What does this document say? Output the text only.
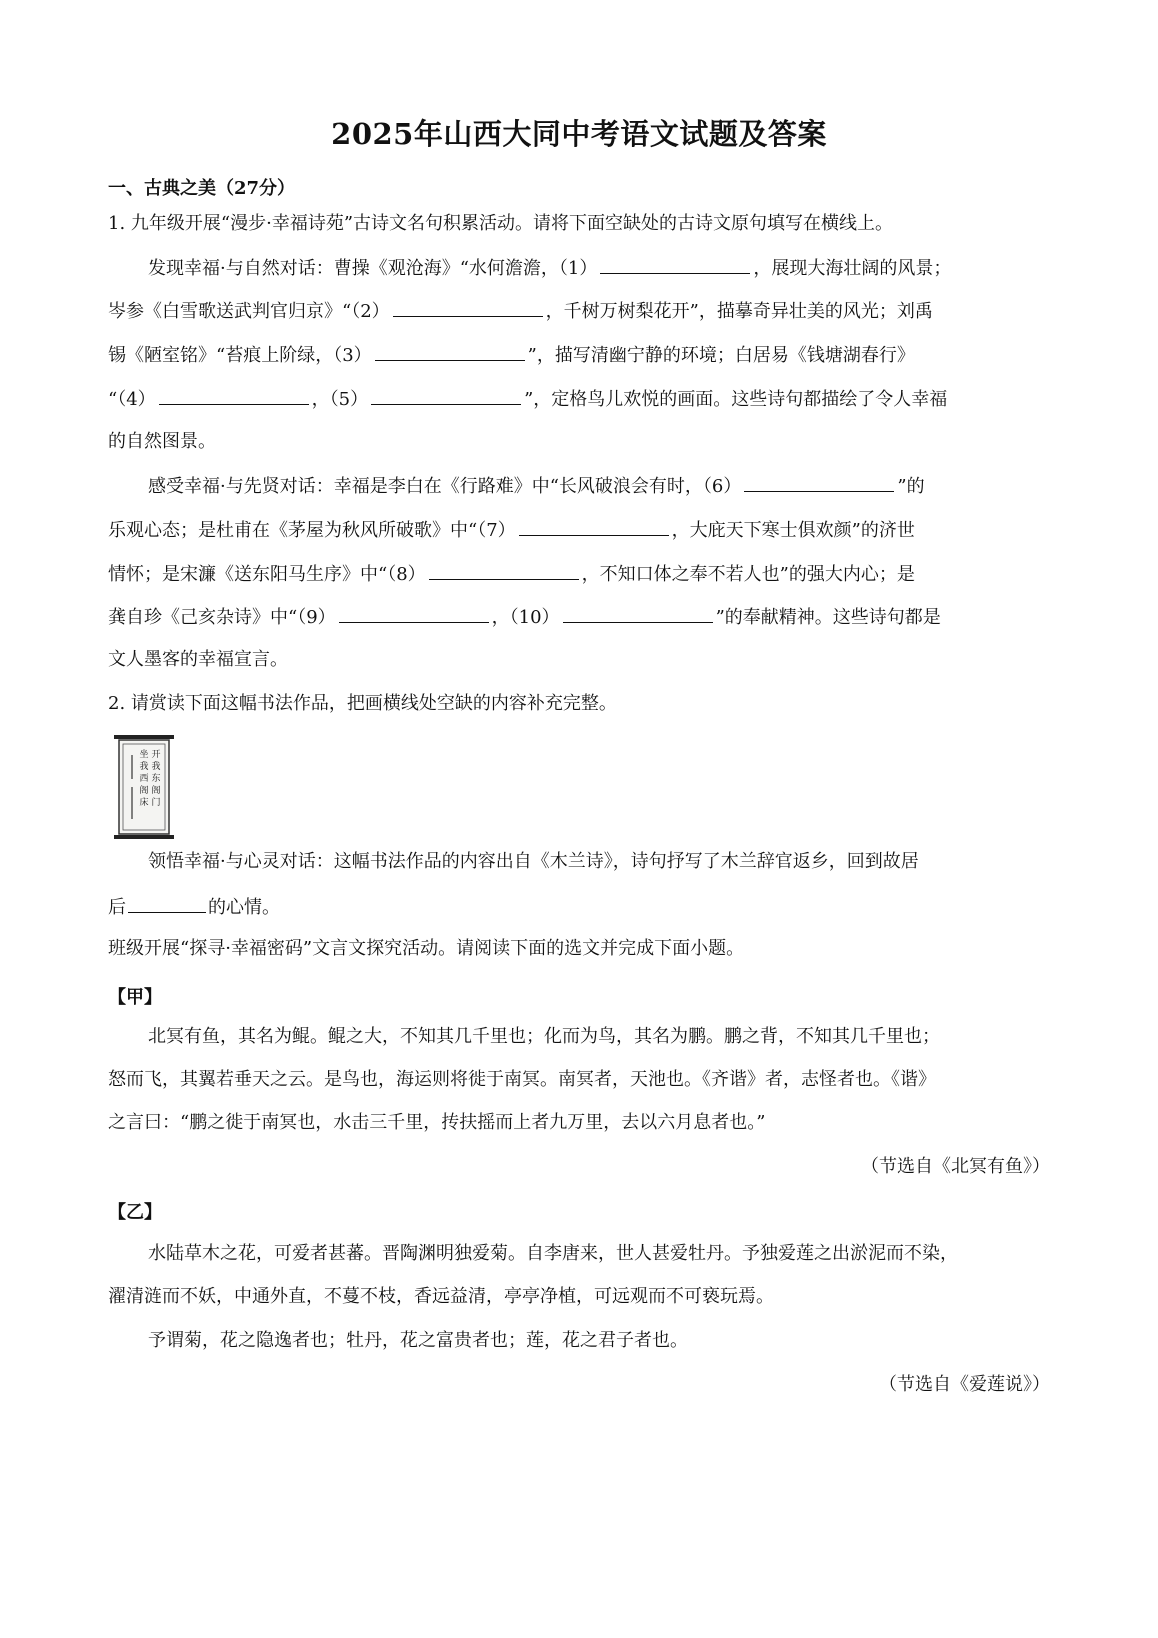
2025年山西大同中考语文试题及答案
一、古典之美（27分）
1. 九年级开展“漫步·幸福诗苑”古诗文名句积累活动。请将下面空缺处的古诗文原句填写在横线上。
发现幸福·与自然对话：曹操《观沧海》“水何澹澹，（1）	，展现大海壮阔的风景；
岑参《白雪歌送武判官归京》“（2）	，千树万树梨花开”，描摹奇异壮美的风光；刘禹
锡《陋室铭》“苔痕上阶绿，（3）	”，描写清幽宁静的环境；白居易《钱塘湖春行》
“（4）	，（5）	”，定格鸟儿欢悦的画面。这些诗句都描绘了令人幸福
的自然图景。
感受幸福·与先贤对话：幸福是李白在《行路难》中“长风破浪会有时，（6）	”的
乐观心态；是杜甫在《茅屋为秋风所破歌》中“（7）	，大庇天下寒士俱欢颜”的济世
情怀；是宋濂《送东阳马生序》中“（8）	，不知口体之奉不若人也”的强大内心；是
龚自珍《己亥杂诗》中“（9）	，（10）	”的奉献精神。这些诗句都是
文人墨客的幸福宣言。
2. 请赏读下面这幅书法作品，把画横线处空缺的内容补充完整。
开
我
东
阁
门
坐
我
西
阁
床
领悟幸福·与心灵对话：这幅书法作品的内容出自《木兰诗》，诗句抒写了木兰辞官返乡，回到故居
后	的心情。
班级开展“探寻·幸福密码”文言文探究活动。请阅读下面的选文并完成下面小题。
【甲】
北冥有鱼，其名为鲲。鲲之大，不知其几千里也；化而为鸟，其名为鹏。鹏之背，不知其几千里也；
怒而飞，其翼若垂天之云。是鸟也，海运则将徙于南冥。南冥者，天池也。《齐谐》者，志怪者也。《谐》
之言曰：“鹏之徙于南冥也，水击三千里，抟扶摇而上者九万里，去以六月息者也。”
（节选自《北冥有鱼》）
【乙】
水陆草木之花，可爱者甚蕃。晋陶渊明独爱菊。自李唐来，世人甚爱牡丹。予独爱莲之出淤泥而不染，
濯清涟而不妖，中通外直，不蔓不枝，香远益清，亭亭净植，可远观而不可亵玩焉。
予谓菊，花之隐逸者也；牡丹，花之富贵者也；莲，花之君子者也。
（节选自《爱莲说》）
